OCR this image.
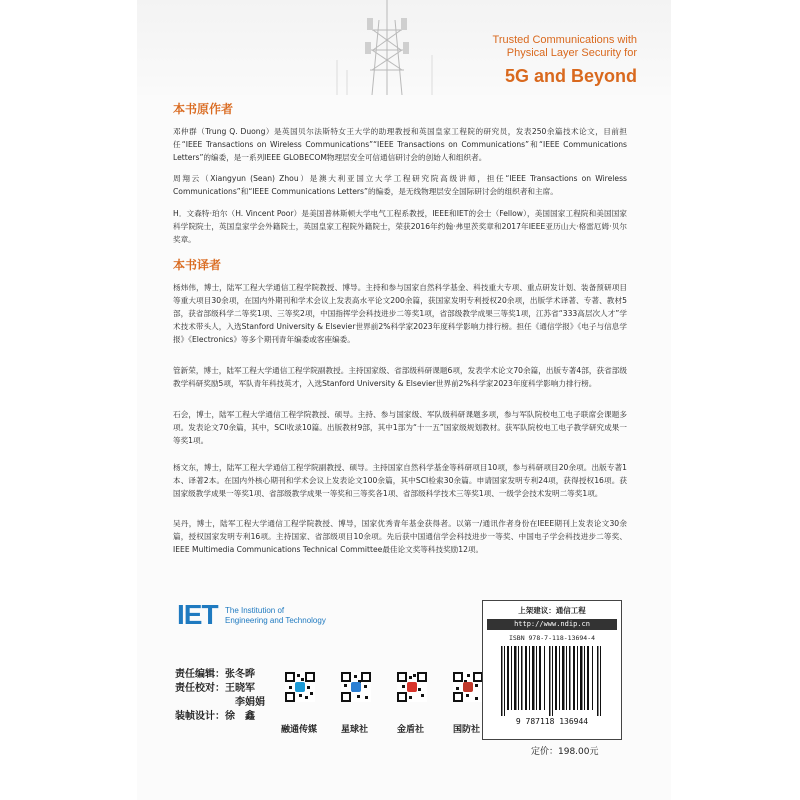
Trusted Communications with
Physical Layer Security for
5G and Beyond
本书原作者
邓仲群（Trung Q. Duong）是英国贝尔法斯特女王大学的助理教授和英国皇家工程院的研究员，发表250余篇技术论文，目前担任“IEEE Transactions on Wireless Communications”“IEEE Transactions on Communications”和“IEEE Communications Letters”的编委，是一系列IEEE GLOBECOM物理层安全可信通信研讨会的创始人和组织者。
周翔云（Xiangyun (Sean) Zhou）是澳大利亚国立大学工程研究院高级讲师，担任“IEEE Transactions on Wireless Communications”和“IEEE Communications Letters”的编委，是无线物理层安全国际研讨会的组织者和主席。
H．文森特·珀尔（H. Vincent Poor）是美国普林斯顿大学电气工程系教授，IEEE和IET的会士（Fellow），美国国家工程院和美国国家科学院院士，英国皇家学会外籍院士，英国皇家工程院外籍院士，荣获2016年约翰·弗里茨奖章和2017年IEEE亚历山大·格雷厄姆·贝尔奖章。
本书译者
杨炜伟，博士，陆军工程大学通信工程学院教授、博导。主持和参与国家自然科学基金、科技重大专项、重点研发计划、装备预研项目等重大项目30余项，在国内外期刊和学术会议上发表高水平论文200余篇，获国家发明专利授权20余项，出版学术译著、专著、教材5部，获省部级科学二等奖1项、三等奖2项，中国指挥学会科技进步二等奖1项，省部级教学成果三等奖1项，江苏省“333高层次人才”学术技术带头人，入选Stanford University & Elsevier世界前2%科学家2023年度科学影响力排行榜。担任《通信学报》《电子与信息学报》《Electronics》等多个期刊青年编委或客座编委。
管新荣，博士，陆军工程大学通信工程学院副教授。主持国家级、省部级科研课题6项，发表学术论文70余篇，出版专著4部，获省部级教学科研奖励5项，军队青年科技英才，入选Stanford University & Elsevier世界前2%科学家2023年度科学影响力排行榜。
石会，博士，陆军工程大学通信工程学院教授、硕导。主持、参与国家级、军队级科研课题多项，参与军队院校电工电子联席会课题多项。发表论文70余篇，其中，SCI收录10篇。出版教材9部，其中1部为“十一五”国家级规划教材。获军队院校电工电子教学研究成果一等奖1项。
杨文东，博士，陆军工程大学通信工程学院副教授、硕导。主持国家自然科学基金等科研项目10项，参与科研项目20余项。出版专著1本、译著2本。在国内外核心期刊和学术会议上发表论文100余篇，其中SCI检索30余篇。申请国家发明专利24项，获得授权16项。获国家级教学成果一等奖1项、省部级教学成果一等奖和三等奖各1项、省部级科学技术三等奖1项、一级学会技术发明二等奖1项。
吴丹，博士，陆军工程大学通信工程学院教授、博导，国家优秀青年基金获得者。以第一/通讯作者身份在IEEE期刊上发表论文30余篇，授权国家发明专利16项。主持国家、省部级项目10余项。先后获中国通信学会科技进步一等奖、中国电子学会科技进步二等奖、IEEE Multimedia Communications Technical Committee最佳论文奖等科技奖励12项。
IET The Institution of
Engineering and Technology
责任编辑：张冬晔
责任校对：王晓军
李娟娟
装帧设计：徐　鑫
融通传媒	星球社	金盾社	国防社
上架建议：通信工程
http://www.ndip.cn
ISBN 978-7-118-13694-4
9 787118 136944
定价：198.00元
